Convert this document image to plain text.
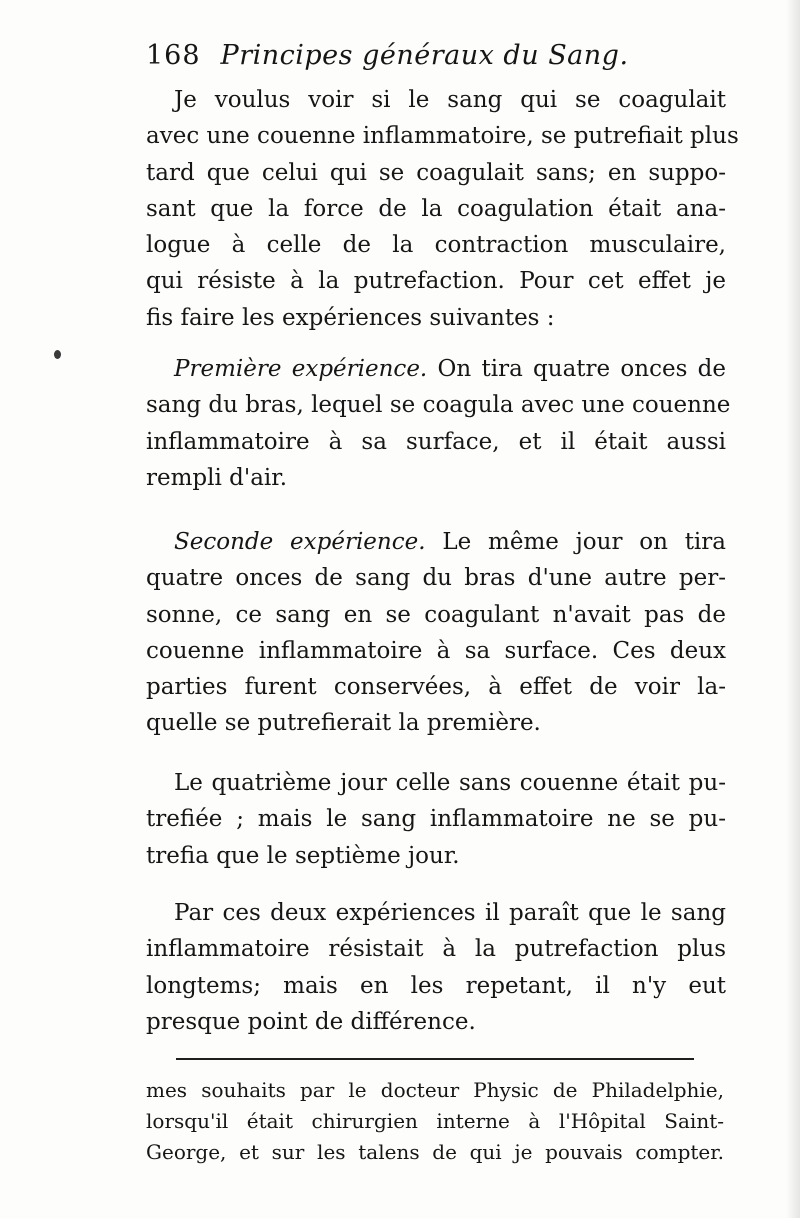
168 Principes généraux du Sang.
Je voulus voir si le sang qui se coagulait
avec une couenne inflammatoire, se putrefiait plus
tard que celui qui se coagulait sans; en suppo-
sant que la force de la coagulation était ana-
logue à celle de la contraction musculaire,
qui résiste à la putrefaction. Pour cet effet je
fis faire les expériences suivantes :
Première expérience. On tira quatre onces de
sang du bras, lequel se coagula avec une couenne
inflammatoire à sa surface, et il était aussi
rempli d'air.
Seconde expérience. Le même jour on tira
quatre onces de sang du bras d'une autre per-
sonne, ce sang en se coagulant n'avait pas de
couenne inflammatoire à sa surface. Ces deux
parties furent conservées, à effet de voir la-
quelle se putrefierait la première.
Le quatrième jour celle sans couenne était pu-
trefiée ; mais le sang inflammatoire ne se pu-
trefia que le septième jour.
Par ces deux expériences il paraît que le sang
inflammatoire résistait à la putrefaction plus
longtems; mais en les repetant, il n'y eut
presque point de différence.
mes souhaits par le docteur Physic de Philadelphie,
lorsqu'il était chirurgien interne à l'Hôpital Saint-
George, et sur les talens de qui je pouvais compter.
